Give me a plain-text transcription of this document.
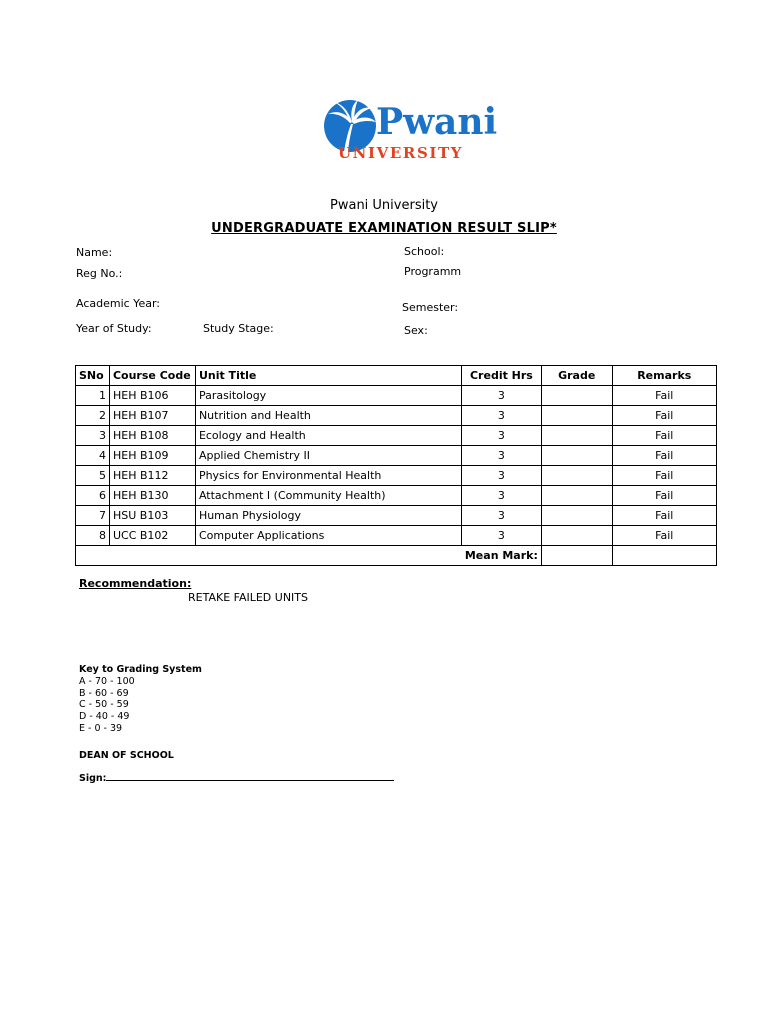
Pwani
UNIVERSITY
Pwani University
UNDERGRADUATE EXAMINATION RESULT SLIP*
Name:
Reg No.:
Academic Year:
Year of Study:	Study Stage:
School:
Programm
Semester:
Sex:
SNo	Course Code	Unit Title	Credit Hrs	Grade	Remarks
1	HEH B106	Parasitology	3		Fail
2	HEH B107	Nutrition and Health	3		Fail
3	HEH B108	Ecology and Health	3		Fail
4	HEH B109	Applied Chemistry II	3		Fail
5	HEH B112	Physics for Environmental Health	3		Fail
6	HEH B130	Attachment I (Community Health)	3		Fail
7	HSU B103	Human Physiology	3		Fail
8	UCC B102	Computer Applications	3		Fail
Mean Mark:					
Recommendation:
RETAKE FAILED UNITS
Key to Grading System
A - 70 - 100
B - 60 - 69
C - 50 - 59
D - 40 - 49
E - 0 - 39
DEAN OF SCHOOL
Sign:
